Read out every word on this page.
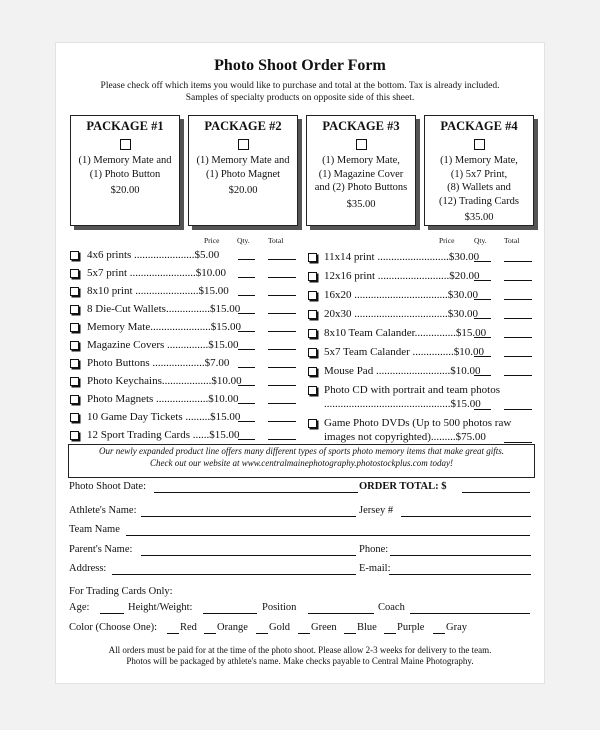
Photo Shoot Order Form
Please check off which items you would like to purchase and total at the bottom. Tax is already included.
Samples of specialty products on opposite side of this sheet.
PACKAGE #1
(1) Memory Mate and
(1) Photo Button
$20.00
PACKAGE #2
(1) Memory Mate and
(1) Photo Magnet
$20.00
PACKAGE #3
(1) Memory Mate,
(1) Magazine Cover
and (2) Photo Buttons
$35.00
PACKAGE #4
(1) Memory Mate,
(1) 5x7 Print,
(8) Wallets and
(12) Trading Cards
$35.00
Price Qty. Total	Price	Qty. Total
4x6 prints ......................$5.00
5x7 print ........................$10.00
8x10 print .......................$15.00
8 Die-Cut Wallets................$15.00
Memory Mate......................$15.00
Magazine Covers ...............$15.00
Photo Buttons ...................$7.00
Photo Keychains..................$10.00
Photo Magnets ...................$10.00
10 Game Day Tickets .........$15.00
12 Sport Trading Cards ......$15.00
11x14 print ..........................$30.00
12x16 print ..........................$20.00
16x20 ..................................$30.00
20x30 ..................................$30.00
8x10 Team Calander...............$15.00
5x7 Team Calander ...............$10.00
Mouse Pad ...........................$10.00
Photo CD with portrait and team photos
..............................................$15.00
Game Photo DVDs (Up to 500 photos raw
images not copyrighted).........$75.00
Our newly expanded product line offers many different types of sports photo memory items that make great gifts.
Check out our website at www.centralmainephotography.photostockplus.com today!
Photo Shoot Date:	ORDER TOTAL: $
Athlete's Name:	Jersey #
Team Name
Parent's Name:	Phone:
Address:	E-mail:
For Trading Cards Only:
Age:	Height/Weight:	Position	Coach
Color (Choose One): Red Orange Gold Green Blue Purple Gray
All orders must be paid for at the time of the photo shoot. Please allow 2-3 weeks for delivery to the team.
Photos will be packaged by athlete's name. Make checks payable to Central Maine Photography.
